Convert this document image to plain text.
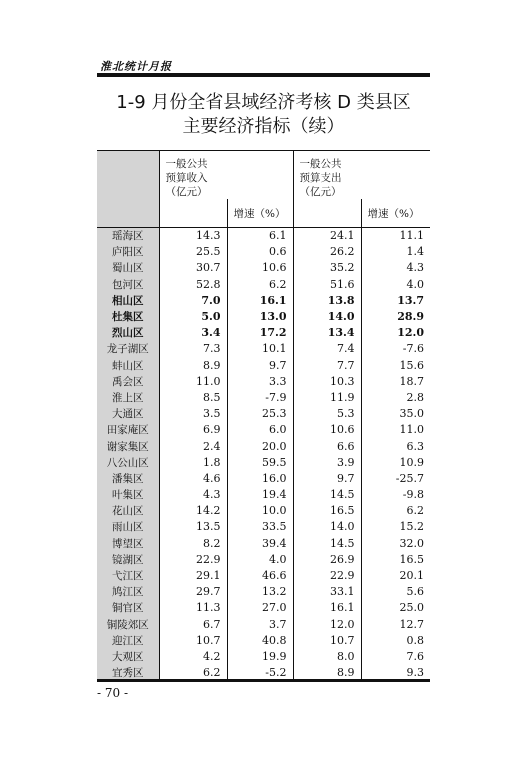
淮北统计月报
1-9 月份全省县域经济考核 D 类县区
主要经济指标（续）

	一般公共
预算收入
（亿元）		一般公共
预算支出
（亿元）	

		增速（%）		增速（%）
瑶海区	14.3	6.1	24.1	11.1
庐阳区	25.5	0.6	26.2	1.4
蜀山区	30.7	10.6	35.2	4.3
包河区	52.8	6.2	51.6	4.0
相山区	7.0	16.1	13.8	13.7
杜集区	5.0	13.0	14.0	28.9
烈山区	3.4	17.2	13.4	12.0
龙子湖区	7.3	10.1	7.4	-7.6
蚌山区	8.9	9.7	7.7	15.6
禹会区	11.0	3.3	10.3	18.7
淮上区	8.5	-7.9	11.9	2.8
大通区	3.5	25.3	5.3	35.0
田家庵区	6.9	6.0	10.6	11.0
谢家集区	2.4	20.0	6.6	6.3
八公山区	1.8	59.5	3.9	10.9
潘集区	4.6	16.0	9.7	-25.7
叶集区	4.3	19.4	14.5	-9.8
花山区	14.2	10.0	16.5	6.2
雨山区	13.5	33.5	14.0	15.2
博望区	8.2	39.4	14.5	32.0
镜湖区	22.9	4.0	26.9	16.5
弋江区	29.1	46.6	22.9	20.1
鸠江区	29.7	13.2	33.1	5.6
铜官区	11.3	27.0	16.1	25.0
铜陵郊区	6.7	3.7	12.0	12.7
迎江区	10.7	40.8	10.7	0.8
大观区	4.2	19.9	8.0	7.6
宜秀区	6.2	-5.2	8.9	9.3
- 70 -
